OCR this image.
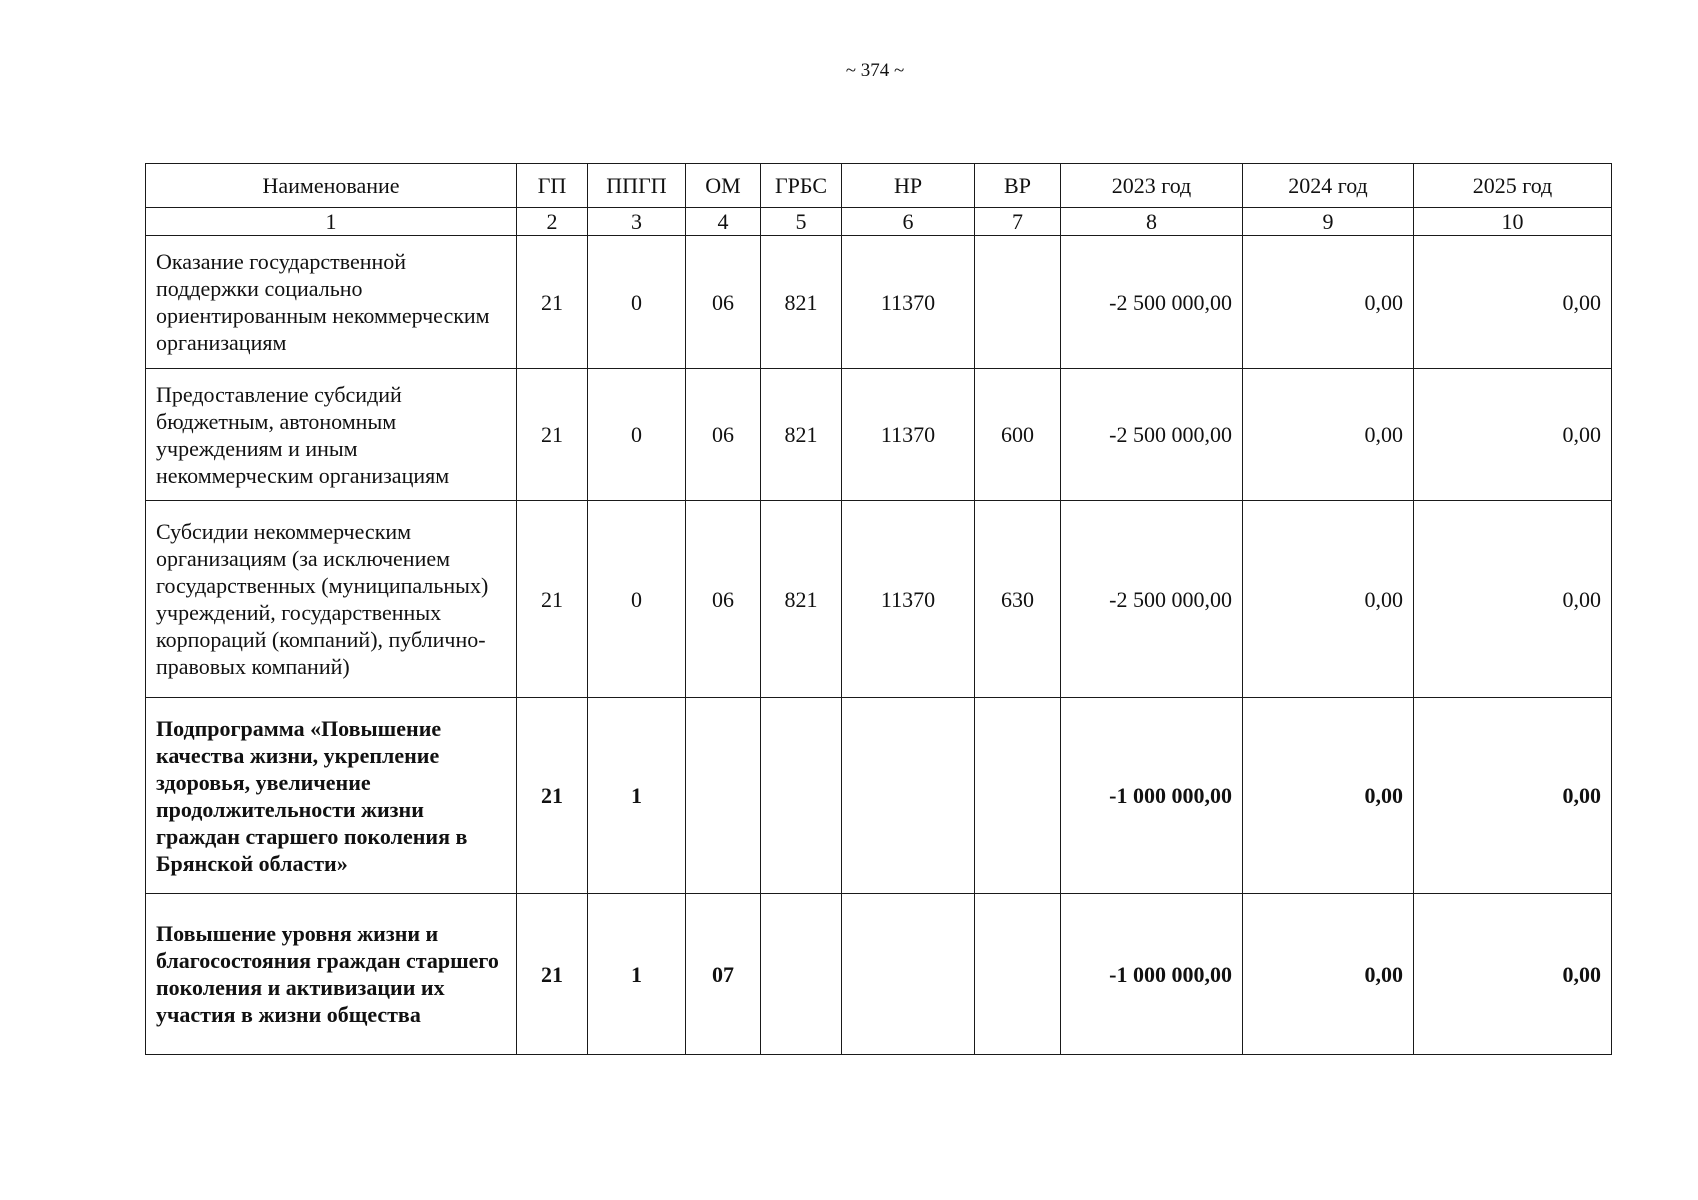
~ 374 ~
Наименование	ГП	ППГП	ОМ	ГРБС	НР	ВР	2023 год	2024 год	2025 год
1	2	3	4	5	6	7	8	9	10
Оказание государственной поддержки социально ориентированным некоммерческим организациям	21	0	06	821	11370		-2 500 000,00	0,00	0,00
Предоставление субсидий бюджетным, автономным учреждениям и иным некоммерческим организациям	21	0	06	821	11370	600	-2 500 000,00	0,00	0,00
Субсидии некоммерческим организациям (за исключением государственных (муниципальных) учреждений, государственных корпораций (компаний), публично-правовых компаний)	21	0	06	821	11370	630	-2 500 000,00	0,00	0,00
Подпрограмма «Повышение качества жизни, укрепление здоровья, увеличение продолжительности жизни граждан старшего поколения в Брянской области»	21	1					-1 000 000,00	0,00	0,00
Повышение уровня жизни и благосостояния граждан старшего поколения и активизации их участия в жизни общества	21	1	07				-1 000 000,00	0,00	0,00
